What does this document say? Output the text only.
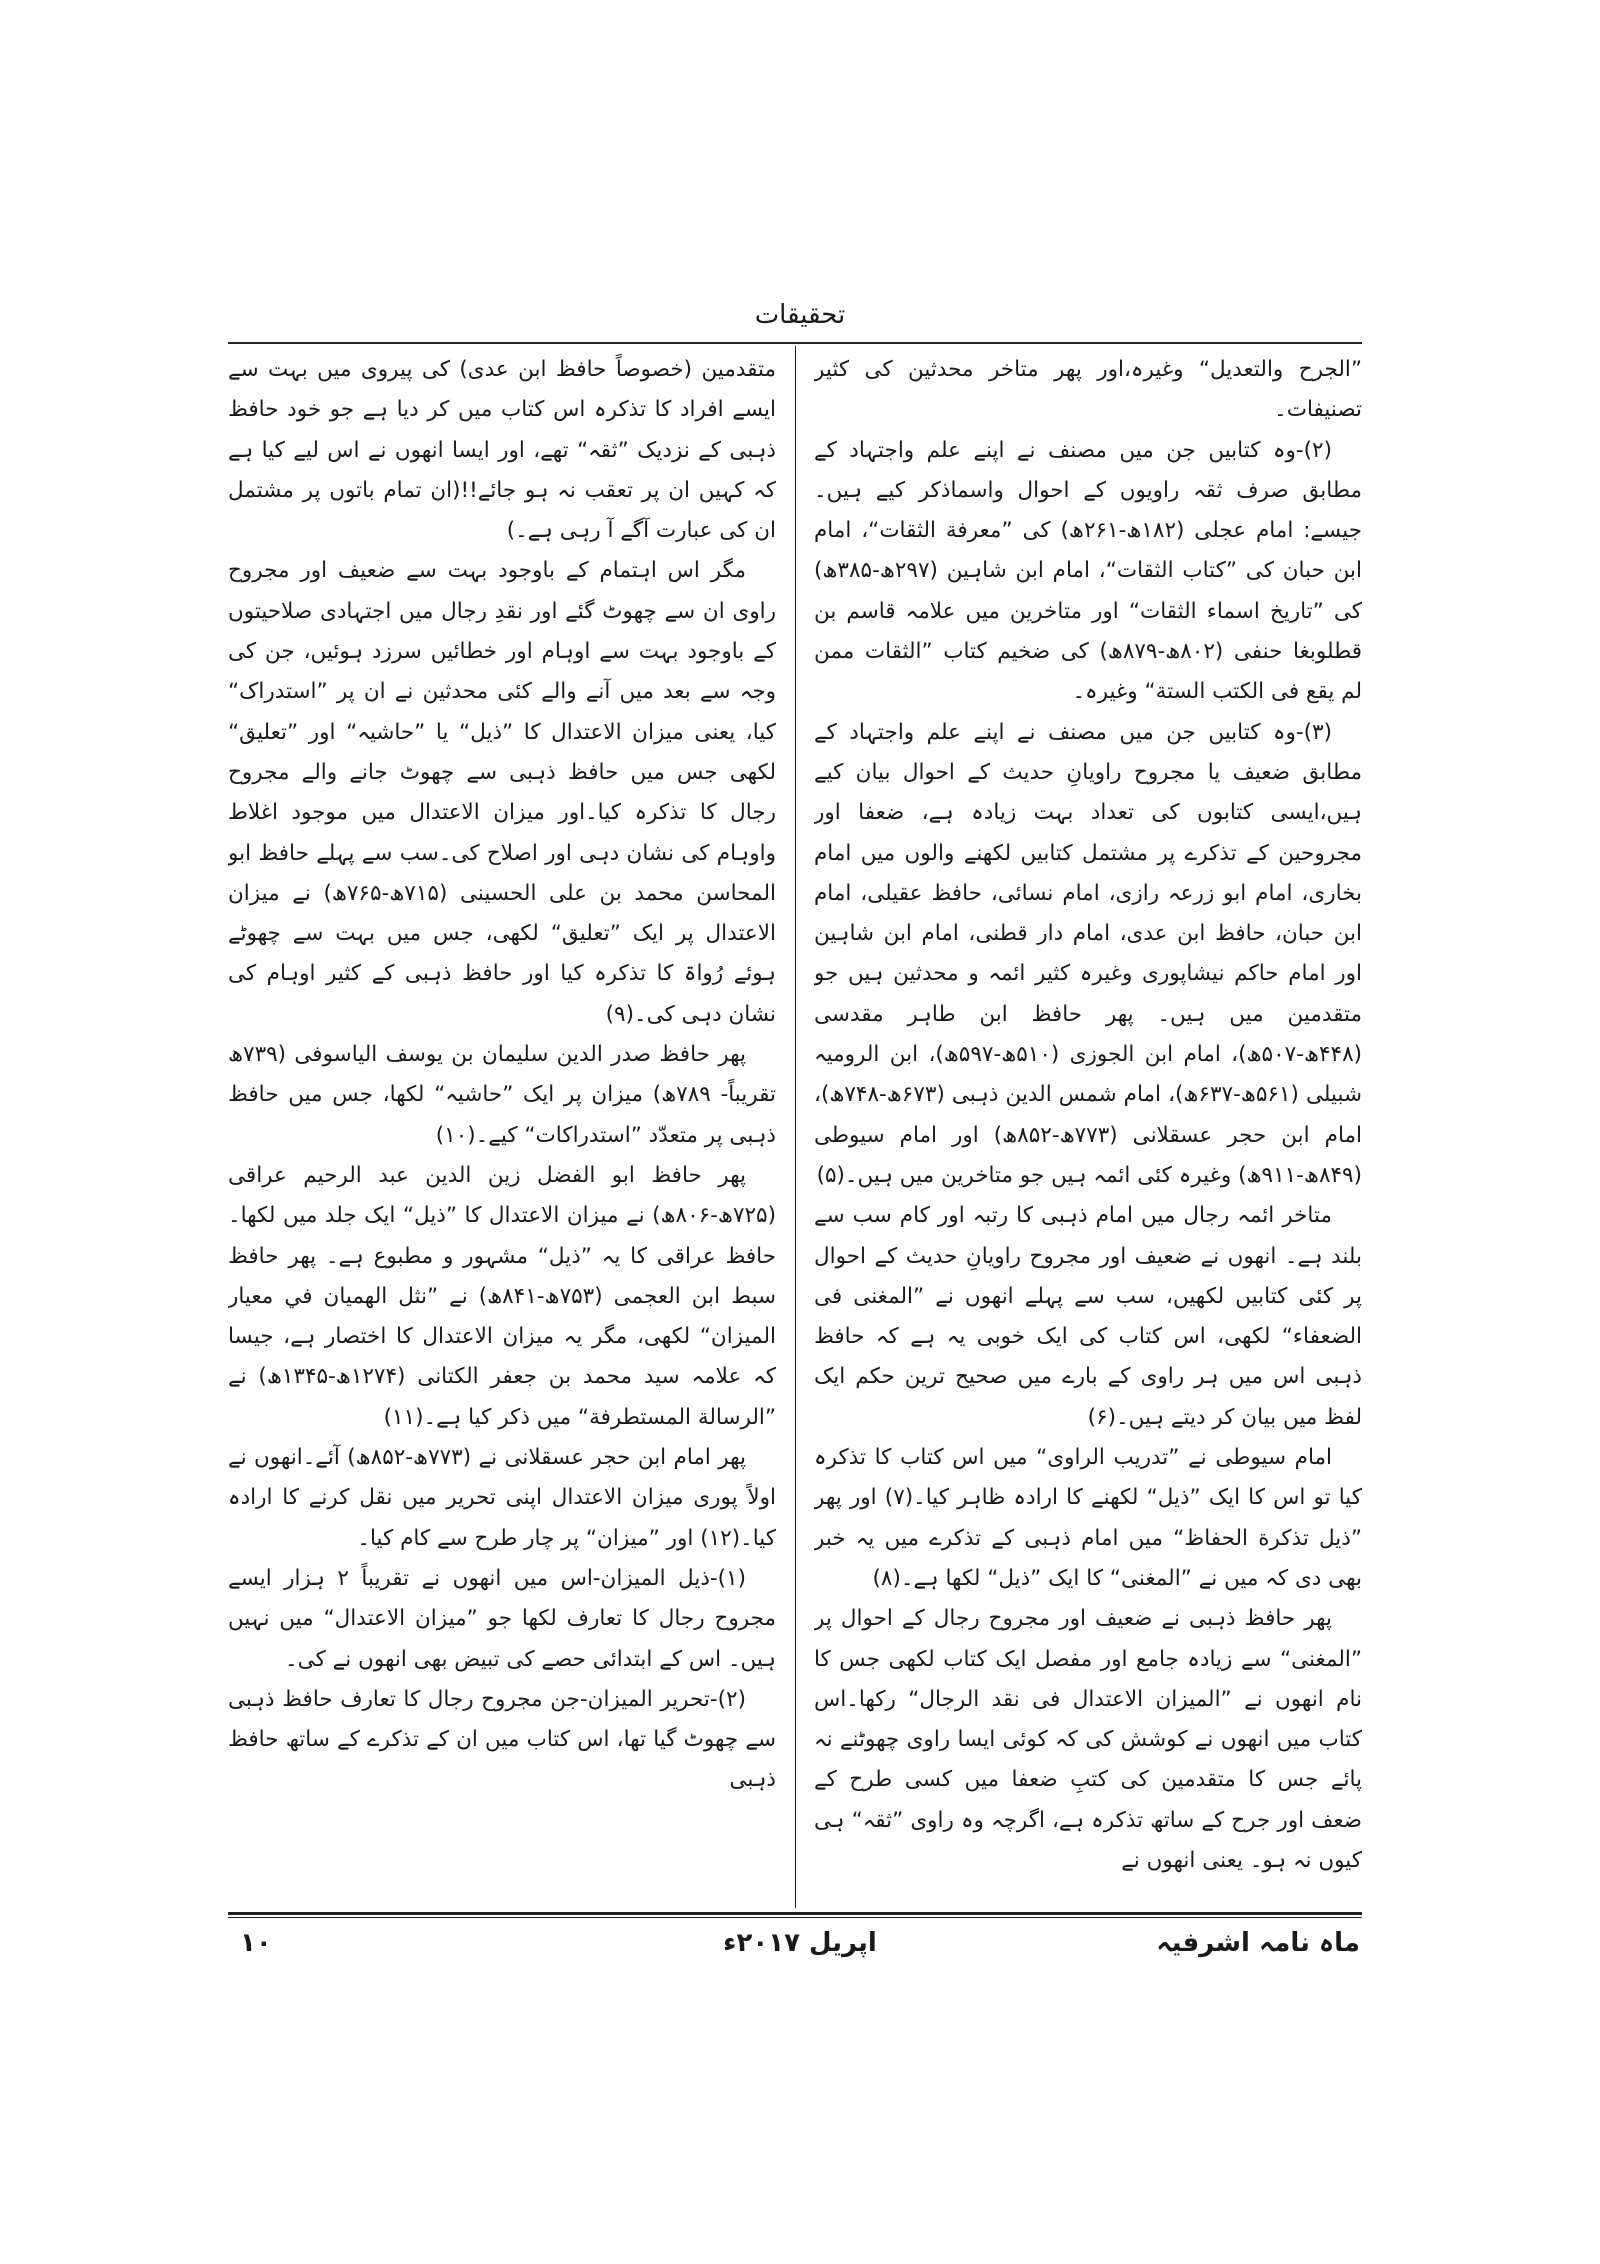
تحقیقات

”الجرح والتعدیل“ وغیرہ،اور پھر متاخر محدثین کی کثیر تصنیفات۔

(۲)-وہ کتابیں جن میں مصنف نے اپنے علم واجتہاد کے مطابق صرف ثقہ راویوں کے احوال واسماذکر کیے ہیں۔ جیسے: امام عجلی (۱۸۲ھ-۲۶۱ھ) کی ”معرفة الثقات“، امام ابن حبان کی ”کتاب الثقات“، امام ابن شاہین (۲۹۷ھ-۳۸۵ھ) کی ”تاریخ اسماء الثقات“ اور متاخرین میں علامہ قاسم بن قطلوبغا حنفی (۸۰۲ھ-۸۷۹ھ) کی ضخیم کتاب ”الثقات ممن لم یقع فی الکتب الستة“ وغیرہ۔

(۳)-وہ کتابیں جن میں مصنف نے اپنے علم واجتہاد کے مطابق ضعیف یا مجروح راویانِ حدیث کے احوال بیان کیے ہیں،ایسی کتابوں کی تعداد بہت زیادہ ہے، ضعفا اور مجروحین کے تذکرے پر مشتمل کتابیں لکھنے والوں میں امام بخاری، امام ابو زرعہ رازی، امام نسائی، حافظ عقیلی، امام ابن حبان، حافظ ابن عدی، امام دار قطنی، امام ابن شاہین اور امام حاکم نیشاپوری وغیرہ کثیر ائمہ و محدثین ہیں جو متقدمین میں ہیں۔ پھر حافظ ابن طاہر مقدسی (۴۴۸ھ-۵۰۷ھ)، امام ابن الجوزی (۵۱۰ھ-۵۹۷ھ)، ابن الرومیہ شبیلی (۵۶۱ھ-۶۳۷ھ)، امام شمس الدین ذہبی (۶۷۳ھ-۷۴۸ھ)، امام ابن حجر عسقلانی (۷۷۳ھ-۸۵۲ھ) اور امام سیوطی (۸۴۹ھ-۹۱۱ھ) وغیرہ کئی ائمہ ہیں جو متاخرین میں ہیں۔(۵)

متاخر ائمہ رجال میں امام ذہبی کا رتبہ اور کام سب سے بلند ہے۔ انھوں نے ضعیف اور مجروح راویانِ حدیث کے احوال پر کئی کتابیں لکھیں، سب سے پہلے انھوں نے ”المغنی فی الضعفاء“ لکھی، اس کتاب کی ایک خوبی یہ ہے کہ حافظ ذہبی اس میں ہر راوی کے بارے میں صحیح ترین حکم ایک لفظ میں بیان کر دیتے ہیں۔(۶)

امام سیوطی نے ”تدریب الراوی“ میں اس کتاب کا تذکرہ کیا تو اس کا ایک ”ذیل“ لکھنے کا ارادہ ظاہر کیا۔(۷) اور پھر ”ذیل تذکرة الحفاظ“ میں امام ذہبی کے تذکرے میں یہ خبر بھی دی کہ میں نے ”المغنی“ کا ایک ”ذیل“ لکھا ہے۔(۸)

پھر حافظ ذہبی نے ضعیف اور مجروح رجال کے احوال پر ”المغنی“ سے زیادہ جامع اور مفصل ایک کتاب لکھی جس کا نام انھوں نے ”المیزان الاعتدال فی نقد الرجال“ رکھا۔اس کتاب میں انھوں نے کوشش کی کہ کوئی ایسا راوی چھوٹنے نہ پائے جس کا متقدمین کی کتبِ ضعفا میں کسی طرح کے ضعف اور جرح کے ساتھ تذکرہ ہے، اگرچہ وہ راوی ”ثقہ“ ہی کیوں نہ ہو۔ یعنی انھوں نے

متقدمین (خصوصاً حافظ ابن عدی) کی پیروی میں بہت سے ایسے افراد کا تذکرہ اس کتاب میں کر دیا ہے جو خود حافظ ذہبی کے نزدیک ”ثقہ“ تھے، اور ایسا انھوں نے اس لیے کیا ہے کہ کہیں ان پر تعقب نہ ہو جائے!!(ان تمام باتوں پر مشتمل ان کی عبارت آگے آ رہی ہے۔)

مگر اس اہتمام کے باوجود بہت سے ضعیف اور مجروح راوی ان سے چھوٹ گئے اور نقدِ رجال میں اجتہادی صلاحیتوں کے باوجود بہت سے اوہام اور خطائیں سرزد ہوئیں، جن کی وجہ سے بعد میں آنے والے کئی محدثین نے ان پر ”استدراک“ کیا، یعنی میزان الاعتدال کا ”ذیل“ یا ”حاشیہ“ اور ”تعلیق“ لکھی جس میں حافظ ذہبی سے چھوٹ جانے والے مجروح رجال کا تذکرہ کیا۔اور میزان الاعتدال میں موجود اغلاط واوہام کی نشان دہی اور اصلاح کی۔سب سے پہلے حافظ ابو المحاسن محمد بن علی الحسینی (۷۱۵ھ-۷۶۵ھ) نے میزان الاعتدال پر ایک ”تعلیق“ لکھی، جس میں بہت سے چھوٹے ہوئے رُواۃ کا تذکرہ کیا اور حافظ ذہبی کے کثیر اوہام کی نشان دہی کی۔(۹)

پھر حافظ صدر الدین سلیمان بن یوسف الیاسوفی (۷۳۹ھ تقریباً- ۷۸۹ھ) میزان پر ایک ”حاشیہ“ لکھا، جس میں حافظ ذہبی پر متعدّد ”استدراکات“ کیے۔(۱۰)

پھر حافظ ابو الفضل زین الدین عبد الرحیم عراقی (۷۲۵ھ-۸۰۶ھ) نے میزان الاعتدال کا ”ذیل“ ایک جلد میں لکھا۔ حافظ عراقی کا یہ ”ذیل“ مشہور و مطبوع ہے۔ پھر حافظ سبط ابن العجمی (۷۵۳ھ-۸۴۱ھ) نے ”نثل الهميان في معيار الميزان“ لکھی، مگر یہ میزان الاعتدال کا اختصار ہے، جیسا کہ علامہ سید محمد بن جعفر الکتانی (۱۲۷۴ھ-۱۳۴۵ھ) نے ”الرسالة المستطرفة“ میں ذکر کیا ہے۔(۱۱)

پھر امام ابن حجر عسقلانی نے (۷۷۳ھ-۸۵۲ھ) آئے۔انھوں نے اولاً پوری میزان الاعتدال اپنی تحریر میں نقل کرنے کا ارادہ کیا۔(۱۲) اور ”میزان“ پر چار طرح سے کام کیا۔

(۱)-ذیل المیزان-اس میں انھوں نے تقریباً ۲ ہزار ایسے مجروح رجال کا تعارف لکھا جو ”میزان الاعتدال“ میں نہیں ہیں۔ اس کے ابتدائی حصے کی تبیض بھی انھوں نے کی۔

(۲)-تحریر المیزان-جن مجروح رجال کا تعارف حافظ ذہبی سے چھوٹ گیا تھا، اس کتاب میں ان کے تذکرے کے ساتھ حافظ ذہبی

ماہ نامہ اشرفیہ
اپریل ۲۰۱۷ء
۱۰
